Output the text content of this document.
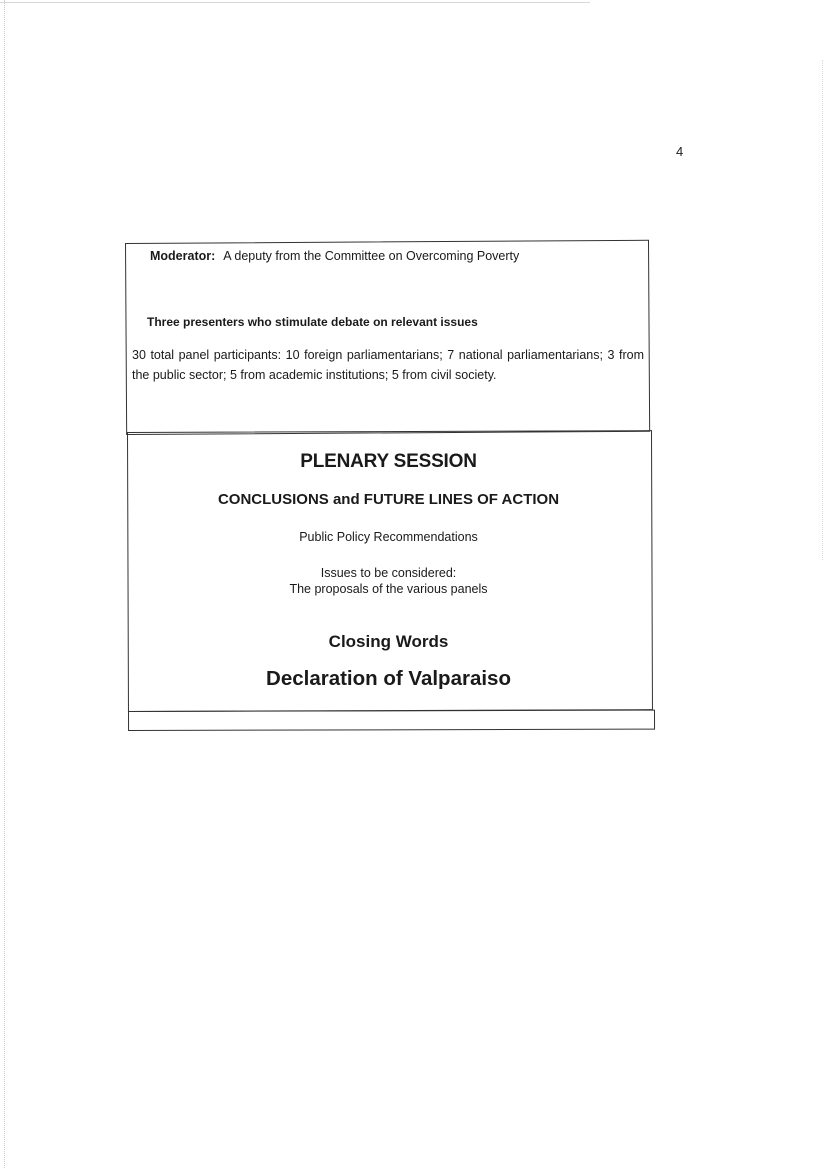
4
Moderator: A deputy from the Committee on Overcoming Poverty
Three presenters who stimulate debate on relevant issues
30 total panel participants: 10 foreign parliamentarians; 7 national parliamentarians; 3 from the public sector; 5 from academic institutions; 5 from civil society.
PLENARY SESSION
CONCLUSIONS and FUTURE LINES OF ACTION
Public Policy Recommendations
Issues to be considered:
The proposals of the various panels
Closing Words
Declaration of Valparaiso
